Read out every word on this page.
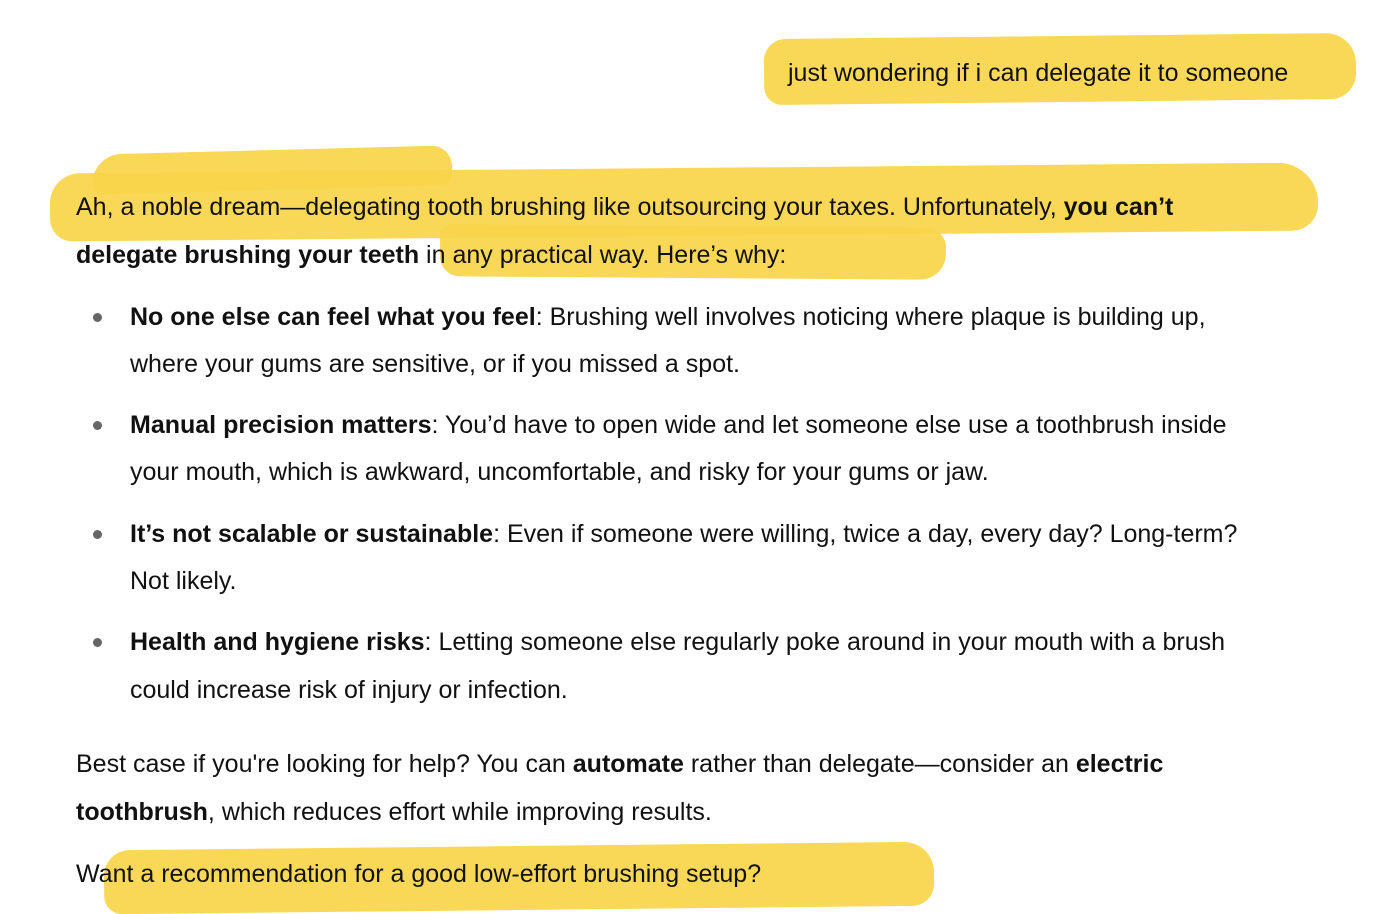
just wondering if i can delegate it to someone
Ah, a noble dream—delegating tooth brushing like outsourcing your taxes. Unfortunately, you can’t
delegate brushing your teeth in any practical way. Here’s why:
No one else can feel what you feel: Brushing well involves noticing where plaque is building up,
where your gums are sensitive, or if you missed a spot.
Manual precision matters: You’d have to open wide and let someone else use a toothbrush inside
your mouth, which is awkward, uncomfortable, and risky for your gums or jaw.
It’s not scalable or sustainable: Even if someone were willing, twice a day, every day? Long-term?
Not likely.
Health and hygiene risks: Letting someone else regularly poke around in your mouth with a brush
could increase risk of injury or infection.
Best case if you're looking for help? You can automate rather than delegate—consider an electric
toothbrush, which reduces effort while improving results.
Want a recommendation for a good low-effort brushing setup?
